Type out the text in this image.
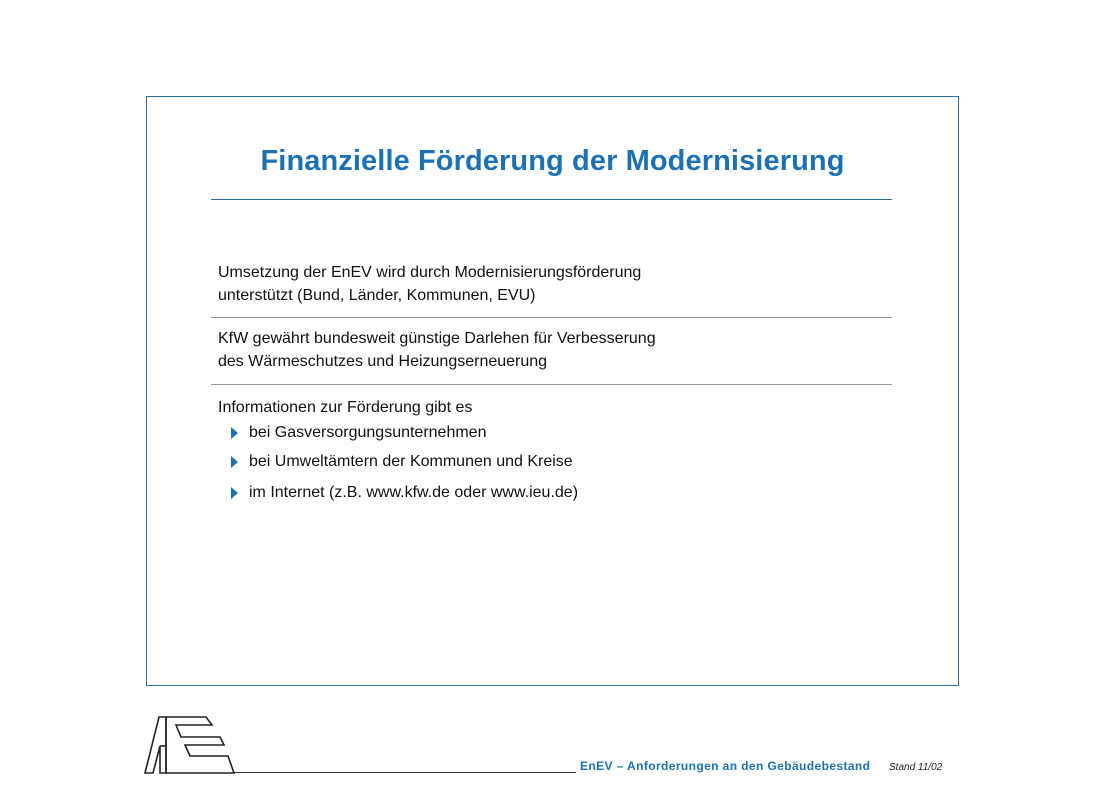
Finanzielle Förderung der Modernisierung
Umsetzung der EnEV wird durch Modernisierungsförderung
unterstützt (Bund, Länder, Kommunen, EVU)
KfW gewährt bundesweit günstige Darlehen für Verbesserung
des Wärmeschutzes und Heizungserneuerung
Informationen zur Förderung gibt es
bei Gasversorgungsunternehmen
bei Umweltämtern der Kommunen und Kreise
im Internet (z.B. www.kfw.de oder www.ieu.de)
EnEV – Anforderungen an den Gebäudebestand Stand 11/02
